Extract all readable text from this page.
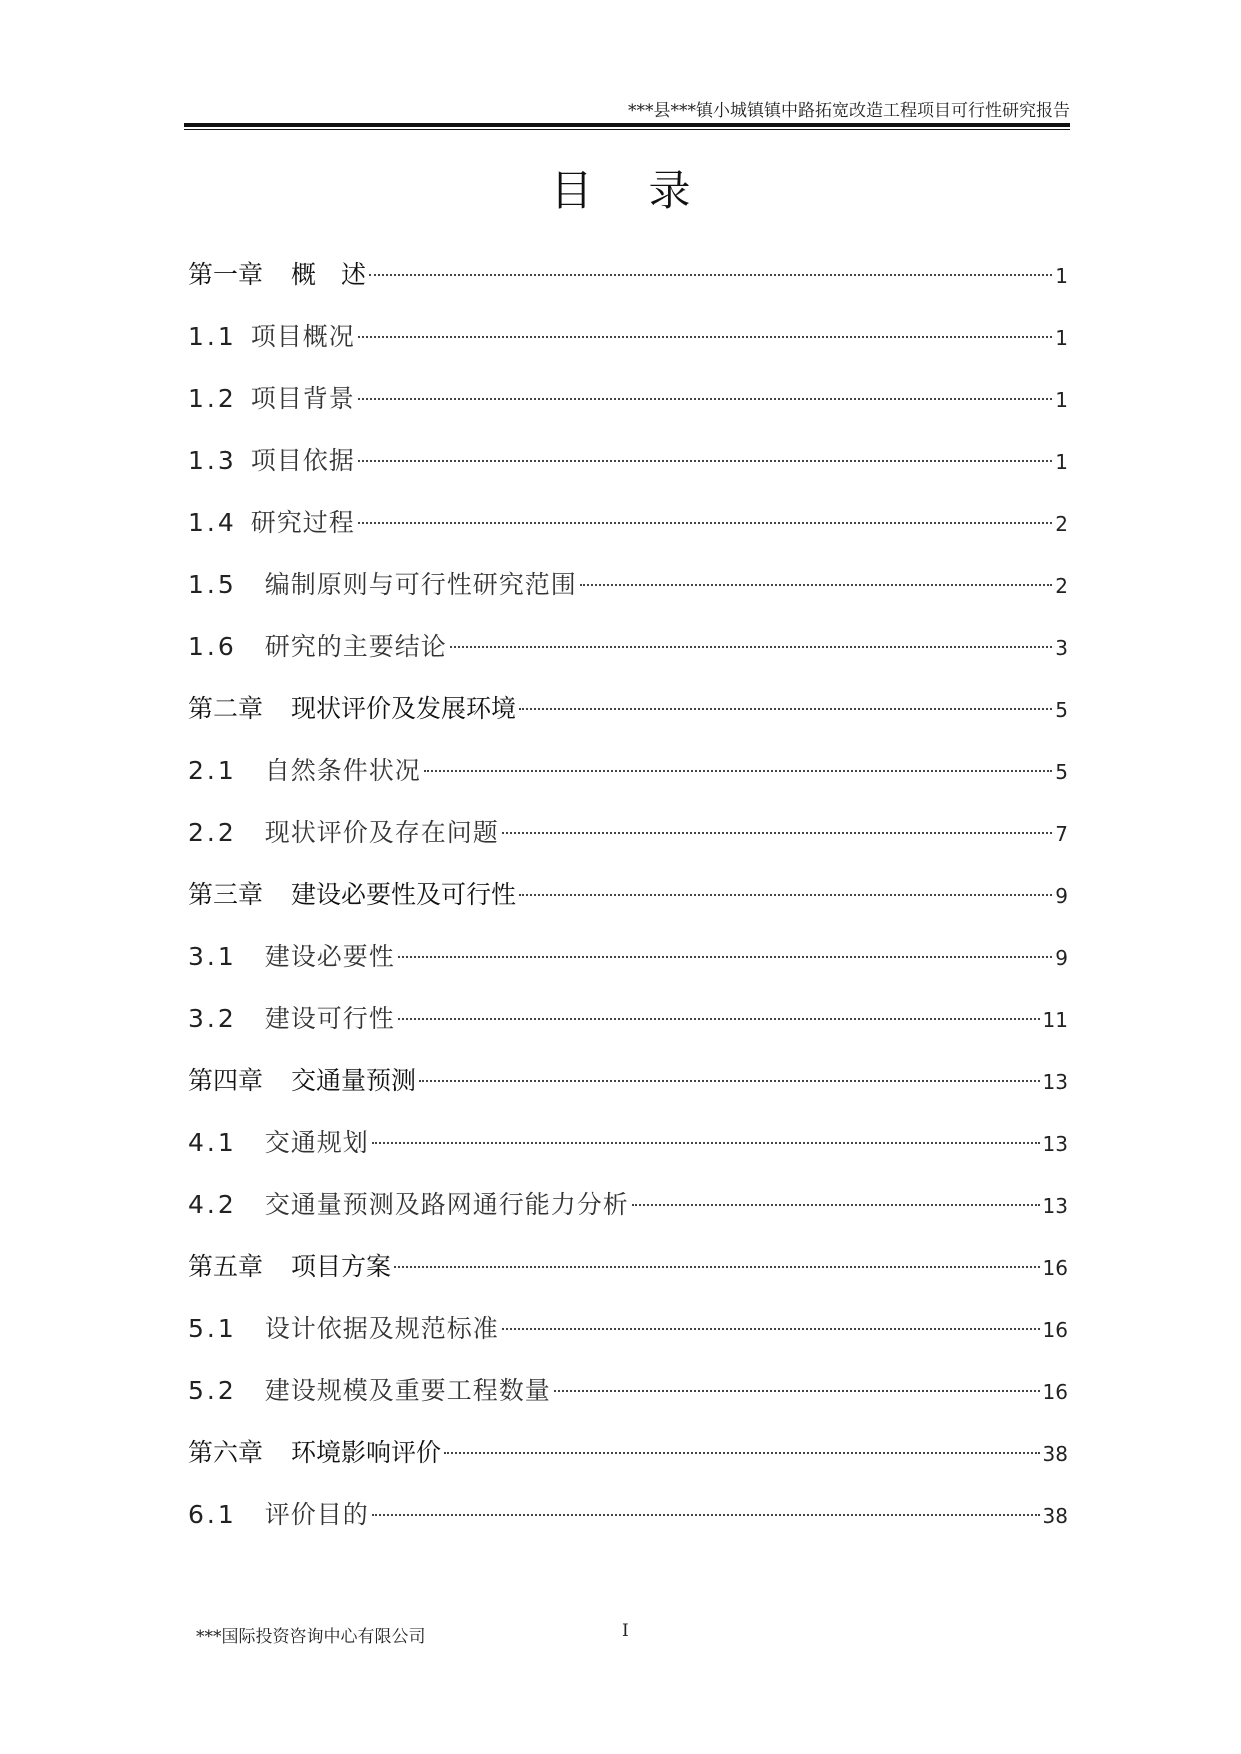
***县***镇小城镇镇中路拓宽改造工程项目可行性研究报告
目录
第一章 概　述	1
1.1 项目概况	1
1.2 项目背景	1
1.3 项目依据	1
1.4 研究过程	2
1.5 编制原则与可行性研究范围	2
1.6 研究的主要结论	3
第二章 现状评价及发展环境	5
2.1 自然条件状况	5
2.2 现状评价及存在问题	7
第三章 建设必要性及可行性	9
3.1 建设必要性	9
3.2 建设可行性	11
第四章 交通量预测	13
4.1 交通规划	13
4.2 交通量预测及路网通行能力分析	13
第五章 项目方案	16
5.1 设计依据及规范标准	16
5.2 建设规模及重要工程数量	16
第六章 环境影响评价	38
6.1 评价目的	38
***国际投资咨询中心有限公司	I
